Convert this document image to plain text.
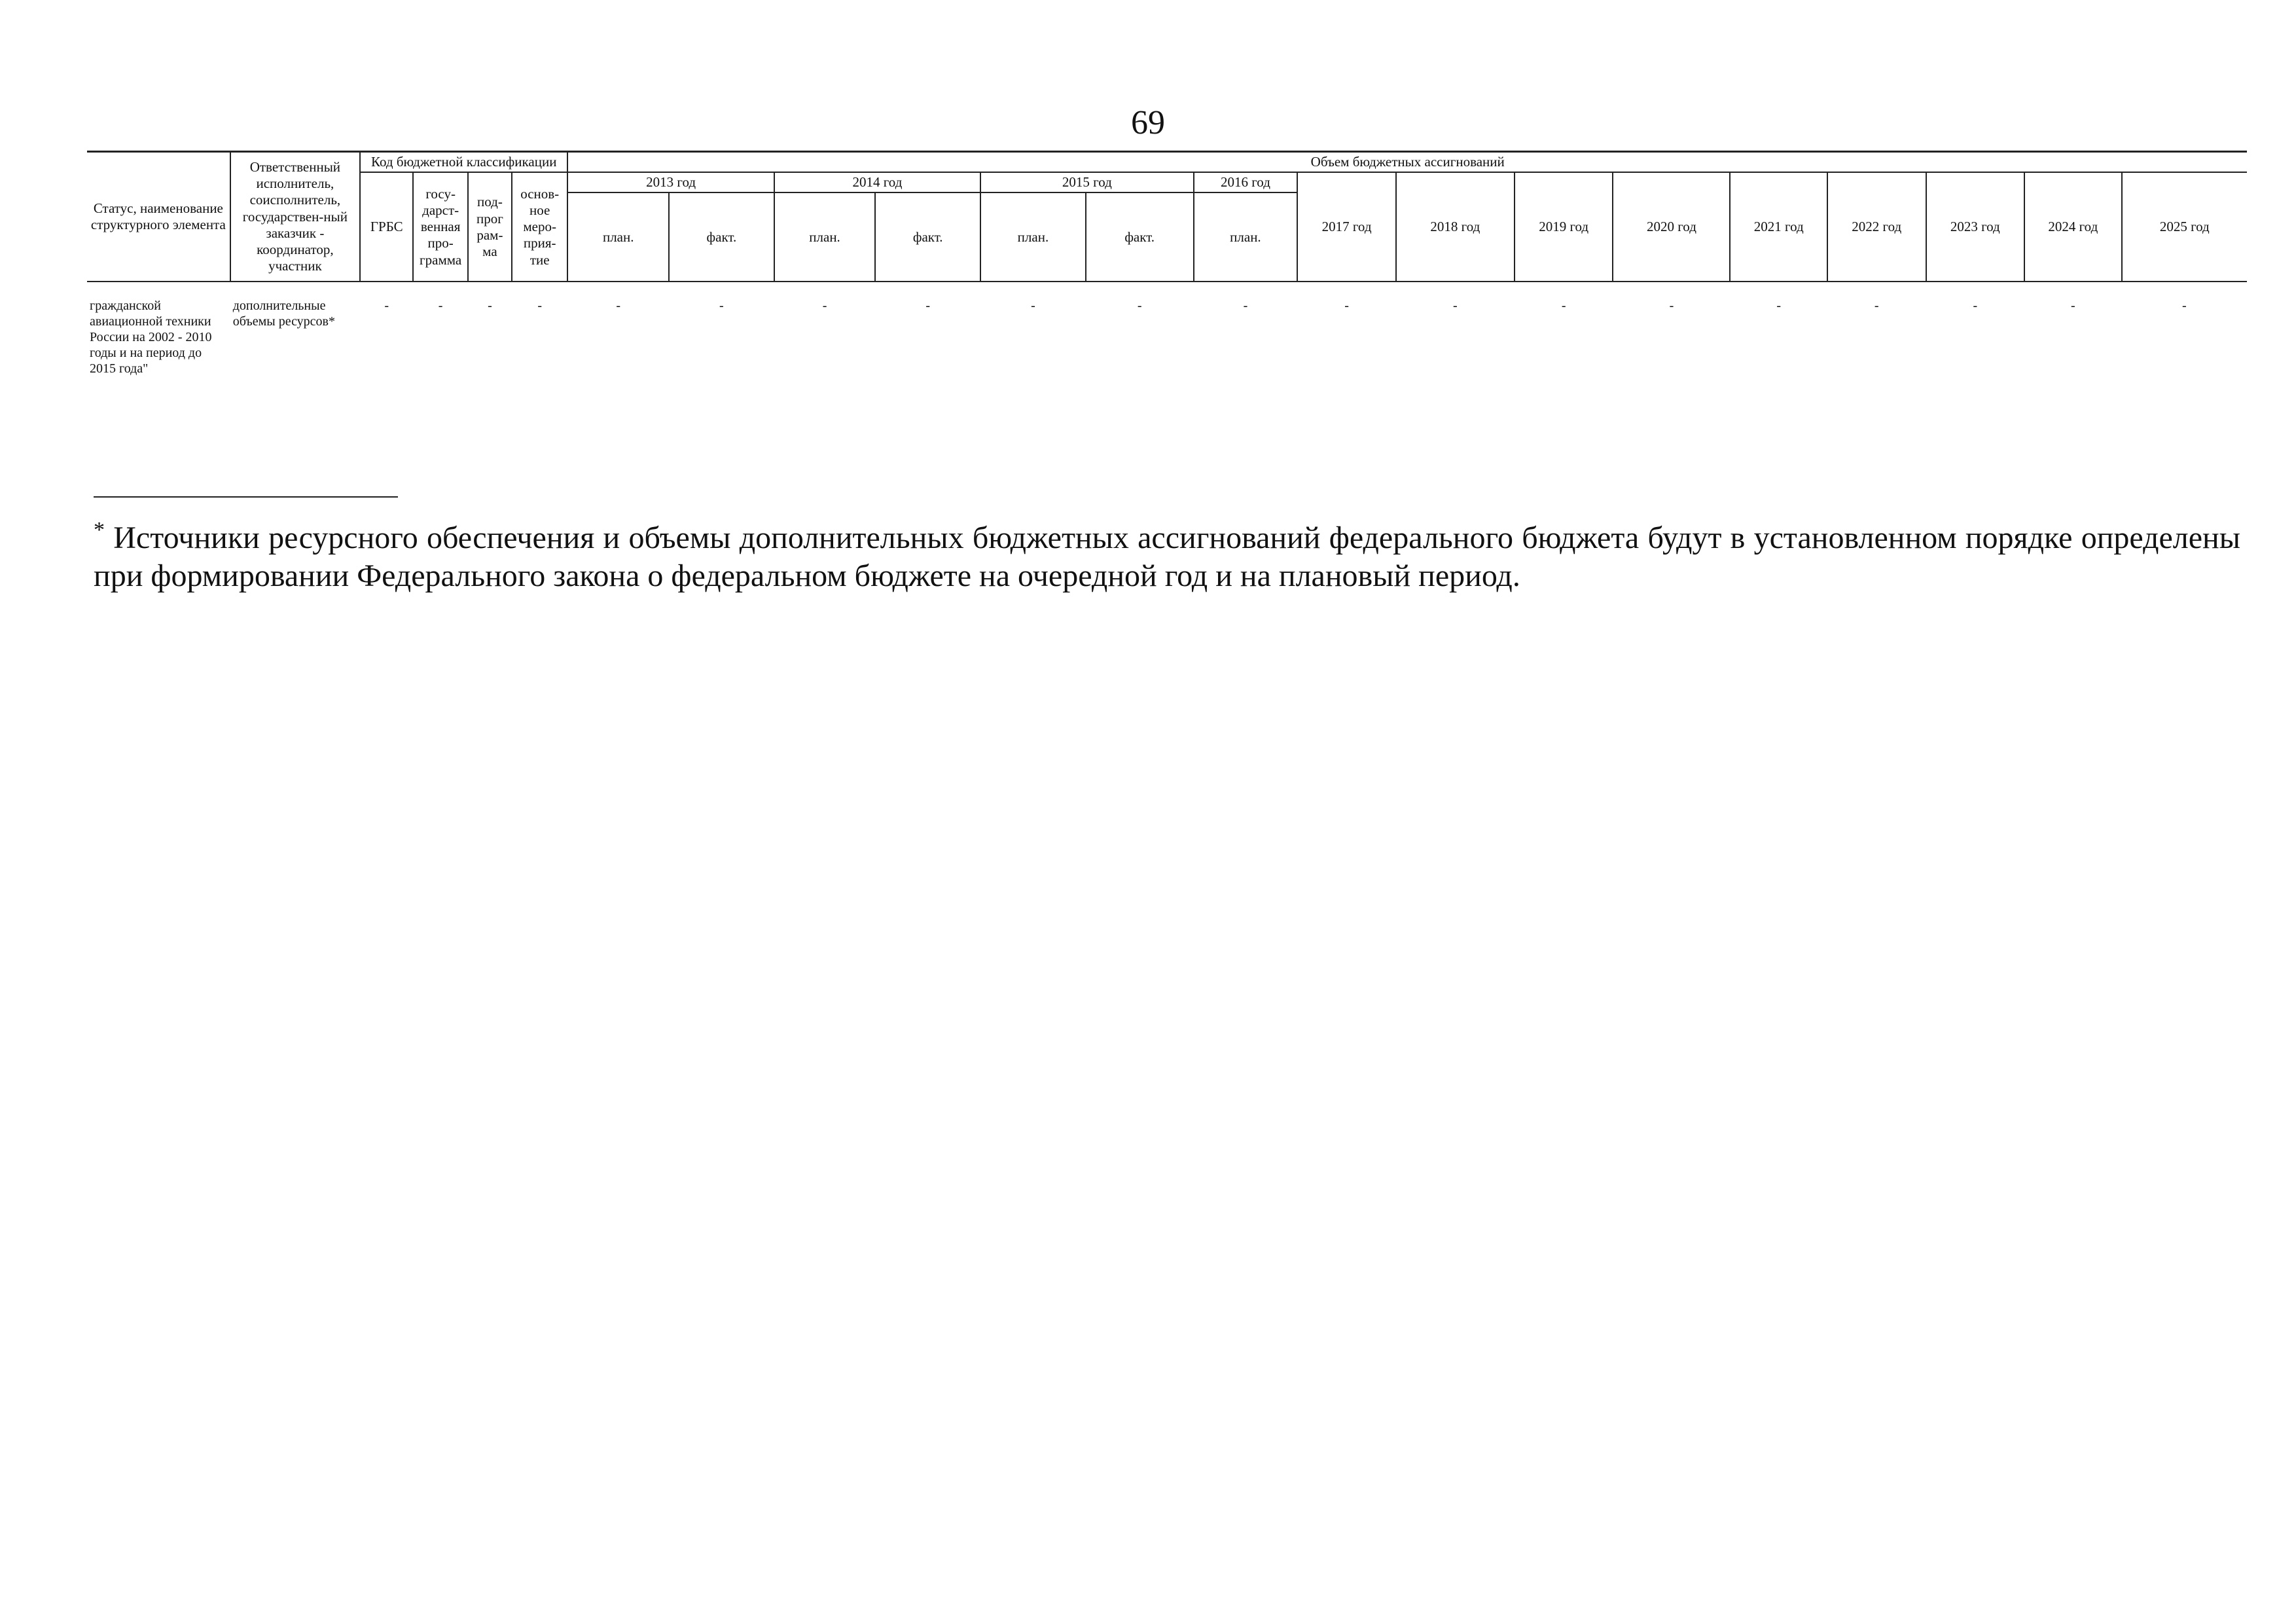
69
Статус, наименование структурного элемента	Ответственный исполнитель, соисполнитель, государствен-ный заказчик - координатор, участник	Код бюджетной классификации				Объем бюджетных ассигнований															
		ГРБС	госу-дарст-венная про-грамма	под-прог рам-ма	основ-ное меро-прия-тие	2013 год		2014 год		2015 год		2016 год	2017 год	2018 год	2019 год	2020 год	2021 год	2022 год	2023 год	2024 год	2025 год
						план.	факт.	план.	факт.	план.	факт.	план.									
гражданской авиационной техники России на 2002 - 2010 годы и на период до 2015 года"	дополнительные объемы ресурсов*	-	-	-	-	-	-	-	-	-	-	-	-	-	-	-	-	-	-	-	-
* Источники ресурсного обеспечения и объемы дополнительных бюджетных ассигнований федерального бюджета будут в установленном порядке определены при формировании Федерального закона о федеральном бюджете на очередной год и на плановый период.
